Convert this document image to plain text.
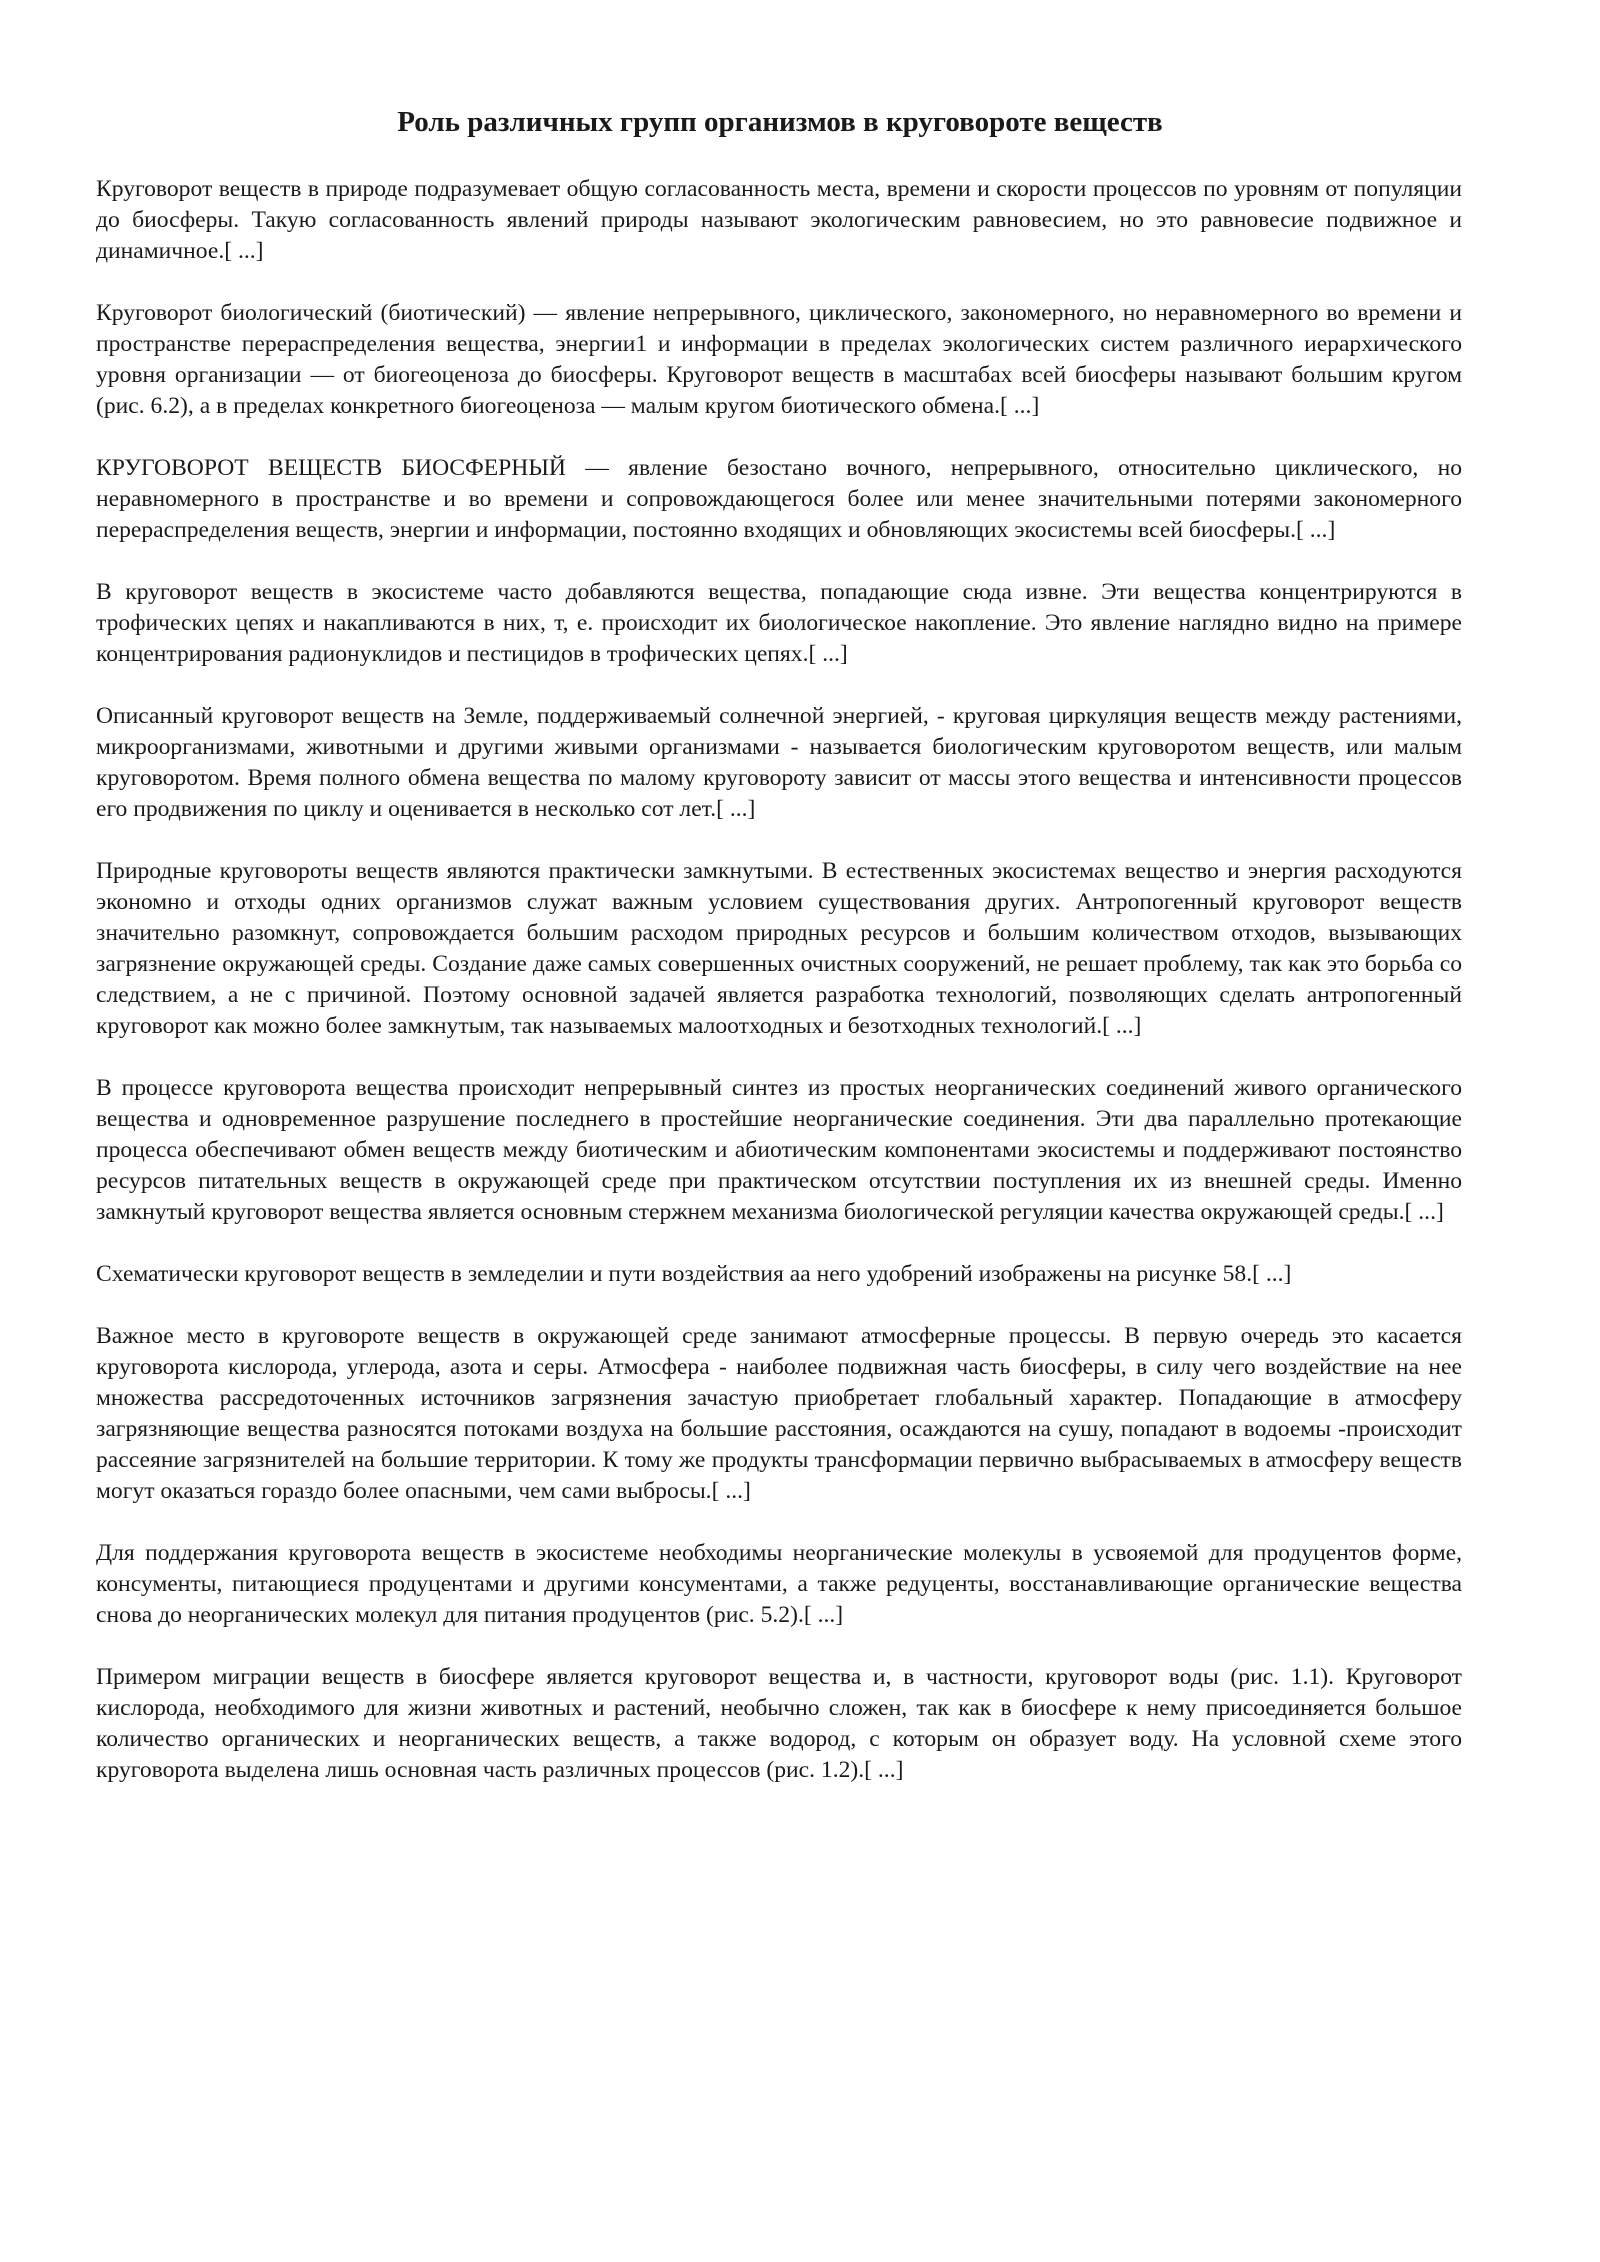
Роль различных групп организмов в круговороте веществ

Круговорот веществ в природе подразумевает общую согласованность места, времени и скорости процессов по уровням от популяции до биосферы. Такую согласованность явлений природы называют экологическим равновесием, но это равновесие подвижное и динамичное.[ ...]

Круговорот биологический (биотический) — явление непрерывного, циклического, закономерного, но неравномерного во времени и пространстве перераспределения вещества, энергии1 и информации в пределах экологических систем различного иерархического уровня организации — от биогеоценоза до биосферы. Круговорот веществ в масштабах всей биосферы называют большим кругом (рис. 6.2), а в пределах конкретного биогеоценоза — малым кругом биотического обмена.[ ...]

КРУГОВОРОТ ВЕЩЕСТВ БИОСФЕРНЫЙ — явление безостано вочного, непрерывного, относительно циклического, но неравномерного в пространстве и во времени и сопровождающегося более или менее значительными потерями закономерного перераспределения веществ, энергии и информации, постоянно входящих и обновляющих экосистемы всей биосферы.[ ...]

В круговорот веществ в экосистеме часто добавляются вещества, попадающие сюда извне. Эти вещества концентрируются в трофических цепях и накапливаются в них, т, е. происходит их биологическое накопление. Это явление наглядно видно на примере концентрирования радионуклидов и пестицидов в трофических цепях.[ ...]

Описанный круговорот веществ на Земле, поддерживаемый солнечной энергией, - круговая циркуляция веществ между растениями, микроорганизмами, животными и другими живыми организмами - называется биологическим круговоротом веществ, или малым круговоротом. Время полного обмена вещества по малому круговороту зависит от массы этого вещества и интенсивности процессов его продвижения по циклу и оценивается в несколько сот лет.[ ...]

Природные круговороты веществ являются практически замкнутыми. В естественных экосистемах вещество и энергия расходуются экономно и отходы одних организмов служат важным условием существования других. Антропогенный круговорот веществ значительно разомкнут, сопровождается большим расходом природных ресурсов и большим количеством отходов, вызывающих загрязнение окружающей среды. Создание даже самых совершенных очистных сооружений, не решает проблему, так как это борьба со следствием, а не с причиной. Поэтому основной задачей является разработка технологий, позволяющих сделать антропогенный круговорот как можно более замкнутым, так называемых малоотходных и безотходных технологий.[ ...]

В процессе круговорота вещества происходит непрерывный синтез из простых неорганических соединений живого органического вещества и одновременное разрушение последнего в простейшие неорганические соединения. Эти два параллельно протекающие процесса обеспечивают обмен веществ между биотическим и абиотическим компонентами экосистемы и поддерживают постоянство ресурсов питательных веществ в окружающей среде при практическом отсутствии поступления их из внешней среды. Именно замкнутый круговорот вещества является основным стержнем механизма биологической регуляции качества окружающей среды.[ ...]

Схематически круговорот веществ в земледелии и пути воздействия аа него удобрений изображены на рисунке 58.[ ...]

Важное место в круговороте веществ в окружающей среде занимают атмосферные процессы. В первую очередь это касается круговорота кислорода, углерода, азота и серы. Атмосфера - наиболее подвижная часть биосферы, в силу чего воздействие на нее множества рассредоточенных источников загрязнения зачастую приобретает глобальный характер. Попадающие в атмосферу загрязняющие вещества разносятся потоками воздуха на большие расстояния, осаждаются на сушу, попадают в водоемы -происходит рассеяние загрязнителей на большие территории. К тому же продукты трансформации первично выбрасываемых в атмосферу веществ могут оказаться гораздо более опасными, чем сами выбросы.[ ...]

Для поддержания круговорота веществ в экосистеме необходимы неорганические молекулы в усвояемой для продуцентов форме, консументы, питающиеся продуцентами и другими консументами, а также редуценты, восстанавливающие органические вещества снова до неорганических молекул для питания продуцентов (рис. 5.2).[ ...]

Примером миграции веществ в биосфере является круговорот вещества и, в частности, круговорот воды (рис. 1.1). Круговорот кислорода, необходимого для жизни животных и растений, необычно сложен, так как в биосфере к нему присоединяется большое количество органических и неорганических веществ, а также водород, с которым он образует воду. На условной схеме этого круговорота выделена лишь основная часть различных процессов (рис. 1.2).[ ...]
